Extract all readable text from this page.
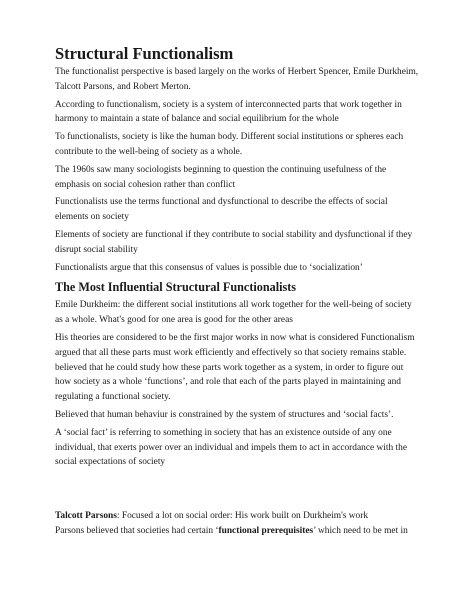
Structural Functionalism
The functionalist perspective is based largely on the works of Herbert Spencer, Emile Durkheim,
Talcott Parsons, and Robert Merton.
According to functionalism, society is a system of interconnected parts that work together in
harmony to maintain a state of balance and social equilibrium for the whole
To functionalists, society is like the human body. Different social institutions or spheres each
contribute to the well-being of society as a whole.
The 1960s saw many sociologists beginning to question the continuing usefulness of the
emphasis on social cohesion rather than conflict
Functionalists use the terms functional and dysfunctional to describe the effects of social
elements on society
Elements of society are functional if they contribute to social stability and dysfunctional if they
disrupt social stability
Functionalists argue that this consensus of values is possible due to ‘socialization’
The Most Influential Structural Functionalists
Emile Durkheim: the different social institutions all work together for the well-being of society
as a whole. What's good for one area is good for the other areas
His theories are considered to be the first major works in now what is considered Functionalism
argued that all these parts must work efficiently and effectively so that society remains stable.
believed that he could study how these parts work together as a system, in order to figure out
how society as a whole ‘functions’, and role that each of the parts played in maintaining and
regulating a functional society.
Believed that human behaviur is constrained by the system of structures and ‘social facts’.
A ‘social fact’ is referring to something in society that has an existence outside of any one
individual, that exerts power over an individual and impels them to act in accordance with the
social expectations of society
Talcott Parsons: Focused a lot on social order: His work built on Durkheim's work
Parsons believed that societies had certain ‘functional prerequisites’ which need to be met in
